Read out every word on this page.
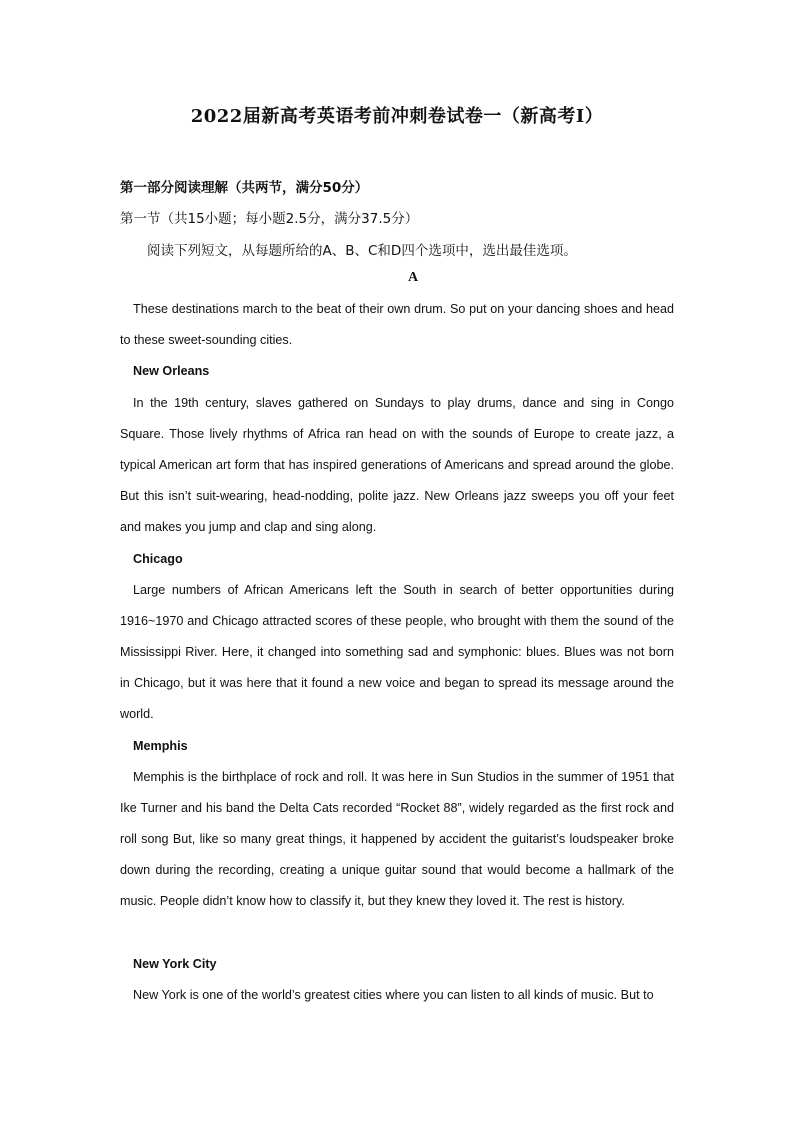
2022届新高考英语考前冲刺卷试卷一（新高考Ⅰ）
第一部分阅读理解（共两节，满分50分）
第一节（共15小题；每小题2.5分，满分37.5分）
阅读下列短文，从每题所给的A、B、C和D四个选项中，选出最佳选项。
A
These destinations march to the beat of their own drum. So put on your dancing shoes and head to these sweet-sounding cities.
New Orleans
In the 19th century, slaves gathered on Sundays to play drums, dance and sing in Congo Square. Those lively rhythms of Africa ran head on with the sounds of Europe to create jazz, a typical American art form that has inspired generations of Americans and spread around the globe. But this isn’t suit-wearing, head-nodding, polite jazz. New Orleans jazz sweeps you off your feet and makes you jump and clap and sing along.
Chicago
Large numbers of African Americans left the South in search of better opportunities during 1916~1970 and Chicago attracted scores of these people, who brought with them the sound of the Mississippi River. Here, it changed into something sad and symphonic: blues. Blues was not born in Chicago, but it was here that it found a new voice and began to spread its message around the world.
Memphis
Memphis is the birthplace of rock and roll. It was here in Sun Studios in the summer of 1951 that Ike Turner and his band the Delta Cats recorded “Rocket 88”, widely regarded as the first rock and roll song But, like so many great things, it happened by accident the guitarist’s loudspeaker broke down during the recording, creating a unique guitar sound that would become a hallmark of the music. People didn’t know how to classify it, but they knew they loved it. The rest is history.
New York City
New York is one of the world’s greatest cities where you can listen to all kinds of music. But to
